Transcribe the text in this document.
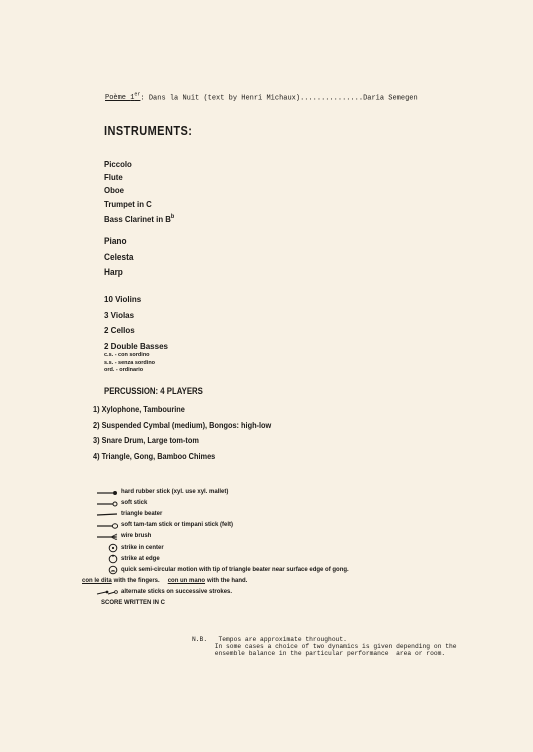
Poème 1er: Dans la Nuit (text by Henri Michaux)...............Daria Semegen
INSTRUMENTS:
Piccolo
Flute
Oboe
Trumpet in C
Bass Clarinet in $B^b$
Piano
Celesta
Harp
10 Violins
3 Violas
2 Cellos
2 Double Basses
c.s. - con sordino
s.s. - senza sordino
ord. - ordinario
PERCUSSION: 4 PLAYERS
1) Xylophone, Tambourine
2) Suspended Cymbal (medium), Bongos: high-low
3) Snare Drum, Large tom-tom
4) Triangle, Gong, Bamboo Chimes
hard rubber stick (xyl. use xyl. mallet)
soft stick
triangle beater
soft tam-tam stick or timpani stick (felt)
wire brush
strike in center
strike at edge
quick semi-circular motion with tip of triangle beater near surface edge of gong.
con le dita with the fingers. con un mano with the hand.
alternate sticks on successive strokes.
SCORE WRITTEN IN C
N.B. Tempos are approximate throughout.
In some cases a choice of two dynamics is given depending on the
ensemble balance in the particular performance  area or room.
